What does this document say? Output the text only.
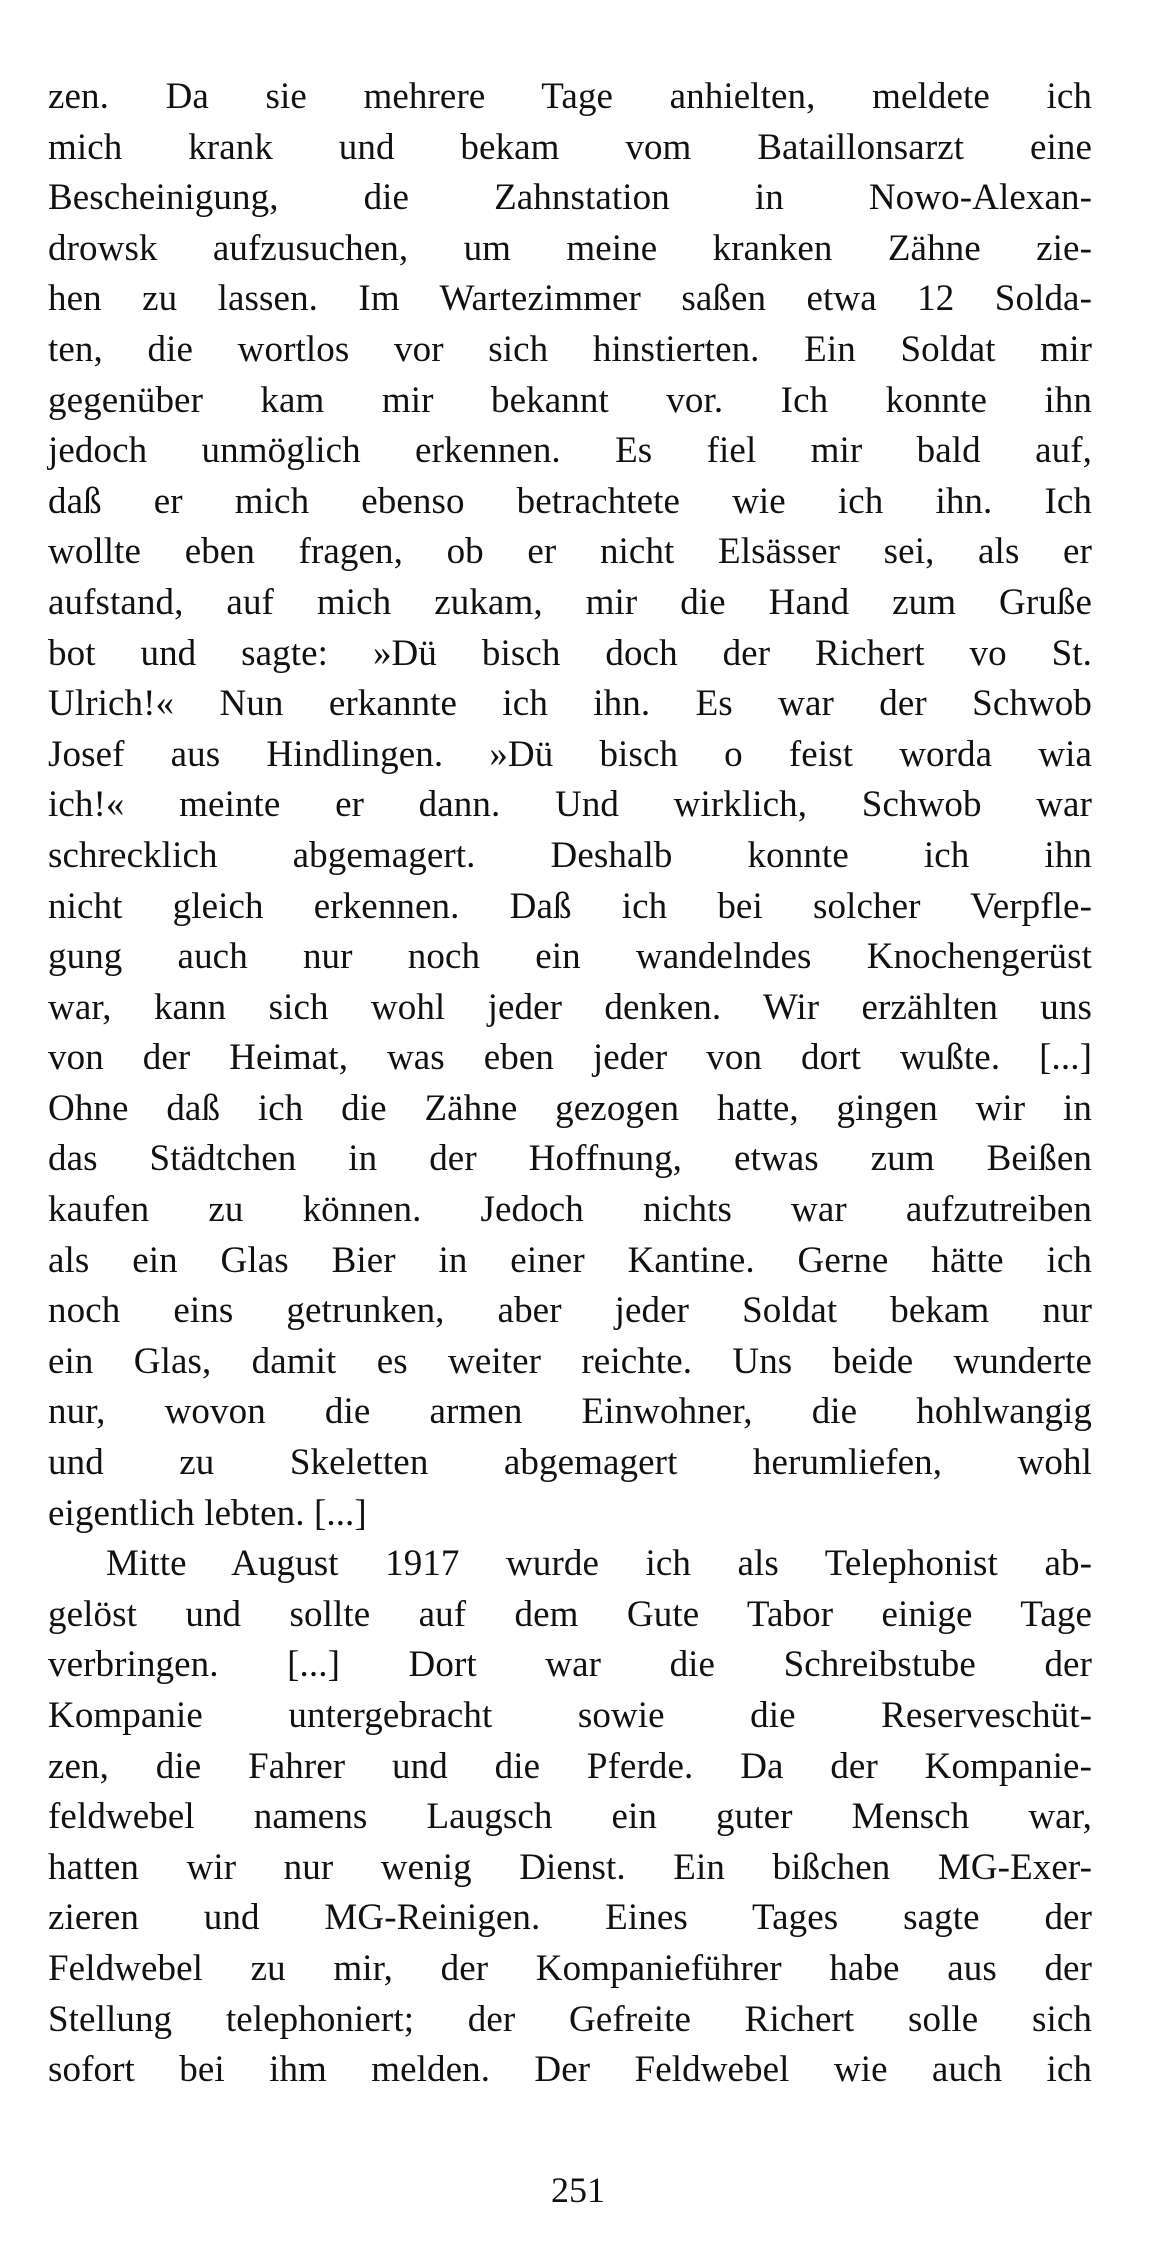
zen. Da sie mehrere Tage anhielten, meldete ich
mich krank und bekam vom Bataillonsarzt eine
Bescheinigung, die Zahnstation in Nowo-Alexan-
drowsk aufzusuchen, um meine kranken Zähne zie-
hen zu lassen. Im Wartezimmer saßen etwa 12 Solda-
ten, die wortlos vor sich hinstierten. Ein Soldat mir
gegenüber kam mir bekannt vor. Ich konnte ihn
jedoch unmöglich erkennen. Es fiel mir bald auf,
daß er mich ebenso betrachtete wie ich ihn. Ich
wollte eben fragen, ob er nicht Elsässer sei, als er
aufstand, auf mich zukam, mir die Hand zum Gruße
bot und sagte: »Dü bisch doch der Richert vo St.
Ulrich!« Nun erkannte ich ihn. Es war der Schwob
Josef aus Hindlingen. »Dü bisch o feist worda wia
ich!« meinte er dann. Und wirklich, Schwob war
schrecklich abgemagert. Deshalb konnte ich ihn
nicht gleich erkennen. Daß ich bei solcher Verpfle-
gung auch nur noch ein wandelndes Knochengerüst
war, kann sich wohl jeder denken. Wir erzählten uns
von der Heimat, was eben jeder von dort wußte. [...]
Ohne daß ich die Zähne gezogen hatte, gingen wir in
das Städtchen in der Hoffnung, etwas zum Beißen
kaufen zu können. Jedoch nichts war aufzutreiben
als ein Glas Bier in einer Kantine. Gerne hätte ich
noch eins getrunken, aber jeder Soldat bekam nur
ein Glas, damit es weiter reichte. Uns beide wunderte
nur, wovon die armen Einwohner, die hohlwangig
und zu Skeletten abgemagert herumliefen, wohl
eigentlich lebten. [...]
Mitte August 1917 wurde ich als Telephonist ab-
gelöst und sollte auf dem Gute Tabor einige Tage
verbringen. [...] Dort war die Schreibstube der
Kompanie untergebracht sowie die Reserveschüt-
zen, die Fahrer und die Pferde. Da der Kompanie-
feldwebel namens Laugsch ein guter Mensch war,
hatten wir nur wenig Dienst. Ein bißchen MG-Exer-
zieren und MG-Reinigen. Eines Tages sagte der
Feldwebel zu mir, der Kompanieführer habe aus der
Stellung telephoniert; der Gefreite Richert solle sich
sofort bei ihm melden. Der Feldwebel wie auch ich
251
